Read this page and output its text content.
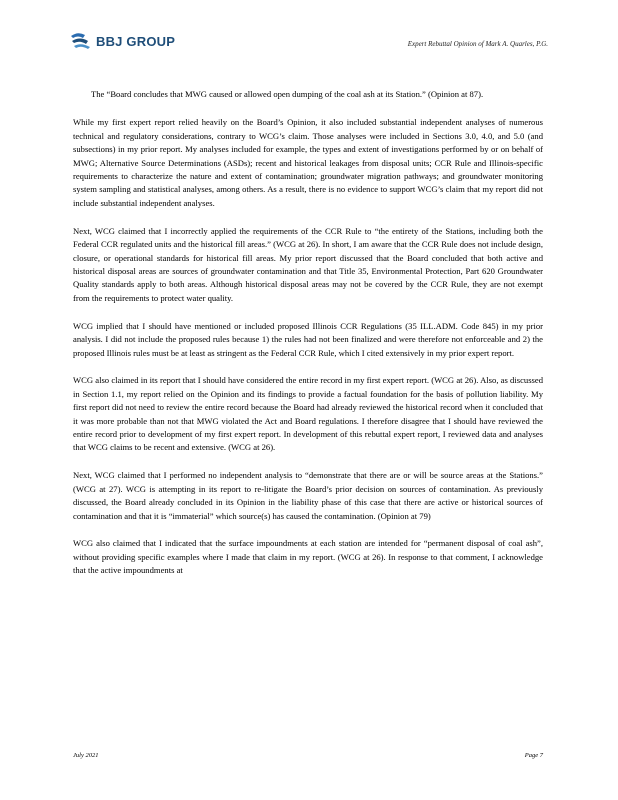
BBJ GROUP	Expert Rebuttal Opinion of Mark A. Quarles, P.G.
The “Board concludes that MWG caused or allowed open dumping of the coal ash at its Station.” (Opinion at 87).

While my first expert report relied heavily on the Board’s Opinion, it also included substantial independent analyses of numerous technical and regulatory considerations, contrary to WCG’s claim. Those analyses were included in Sections 3.0, 4.0, and 5.0 (and subsections) in my prior report. My analyses included for example, the types and extent of investigations performed by or on behalf of MWG; Alternative Source Determinations (ASDs); recent and historical leakages from disposal units; CCR Rule and Illinois-specific requirements to characterize the nature and extent of contamination; groundwater migration pathways; and groundwater monitoring system sampling and statistical analyses, among others. As a result, there is no evidence to support WCG’s claim that my report did not include substantial independent analyses.

Next, WCG claimed that I incorrectly applied the requirements of the CCR Rule to “the entirety of the Stations, including both the Federal CCR regulated units and the historical fill areas.” (WCG at 26). In short, I am aware that the CCR Rule does not include design, closure, or operational standards for historical fill areas. My prior report discussed that the Board concluded that both active and historical disposal areas are sources of groundwater contamination and that Title 35, Environmental Protection, Part 620 Groundwater Quality standards apply to both areas. Although historical disposal areas may not be covered by the CCR Rule, they are not exempt from the requirements to protect water quality.

WCG implied that I should have mentioned or included proposed Illinois CCR Regulations (35 ILL.ADM. Code 845) in my prior analysis. I did not include the proposed rules because 1) the rules had not been finalized and were therefore not enforceable and 2) the proposed Illinois rules must be at least as stringent as the Federal CCR Rule, which I cited extensively in my prior expert report.

WCG also claimed in its report that I should have considered the entire record in my first expert report. (WCG at 26). Also, as discussed in Section 1.1, my report relied on the Opinion and its findings to provide a factual foundation for the basis of pollution liability. My first report did not need to review the entire record because the Board had already reviewed the historical record when it concluded that it was more probable than not that MWG violated the Act and Board regulations. I therefore disagree that I should have reviewed the entire record prior to development of my first expert report. In development of this rebuttal expert report, I reviewed data and analyses that WCG claims to be recent and extensive. (WCG at 26).

Next, WCG claimed that I performed no independent analysis to “demonstrate that there are or will be source areas at the Stations.” (WCG at 27). WCG is attempting in its report to re-litigate the Board’s prior decision on sources of contamination. As previously discussed, the Board already concluded in its Opinion in the liability phase of this case that there are active or historical sources of contamination and that it is “immaterial” which source(s) has caused the contamination. (Opinion at 79)

WCG also claimed that I indicated that the surface impoundments at each station are intended for “permanent disposal of coal ash”, without providing specific examples where I made that claim in my report. (WCG at 26). In response to that comment, I acknowledge that the active impoundments at

July 2021	Page 7
